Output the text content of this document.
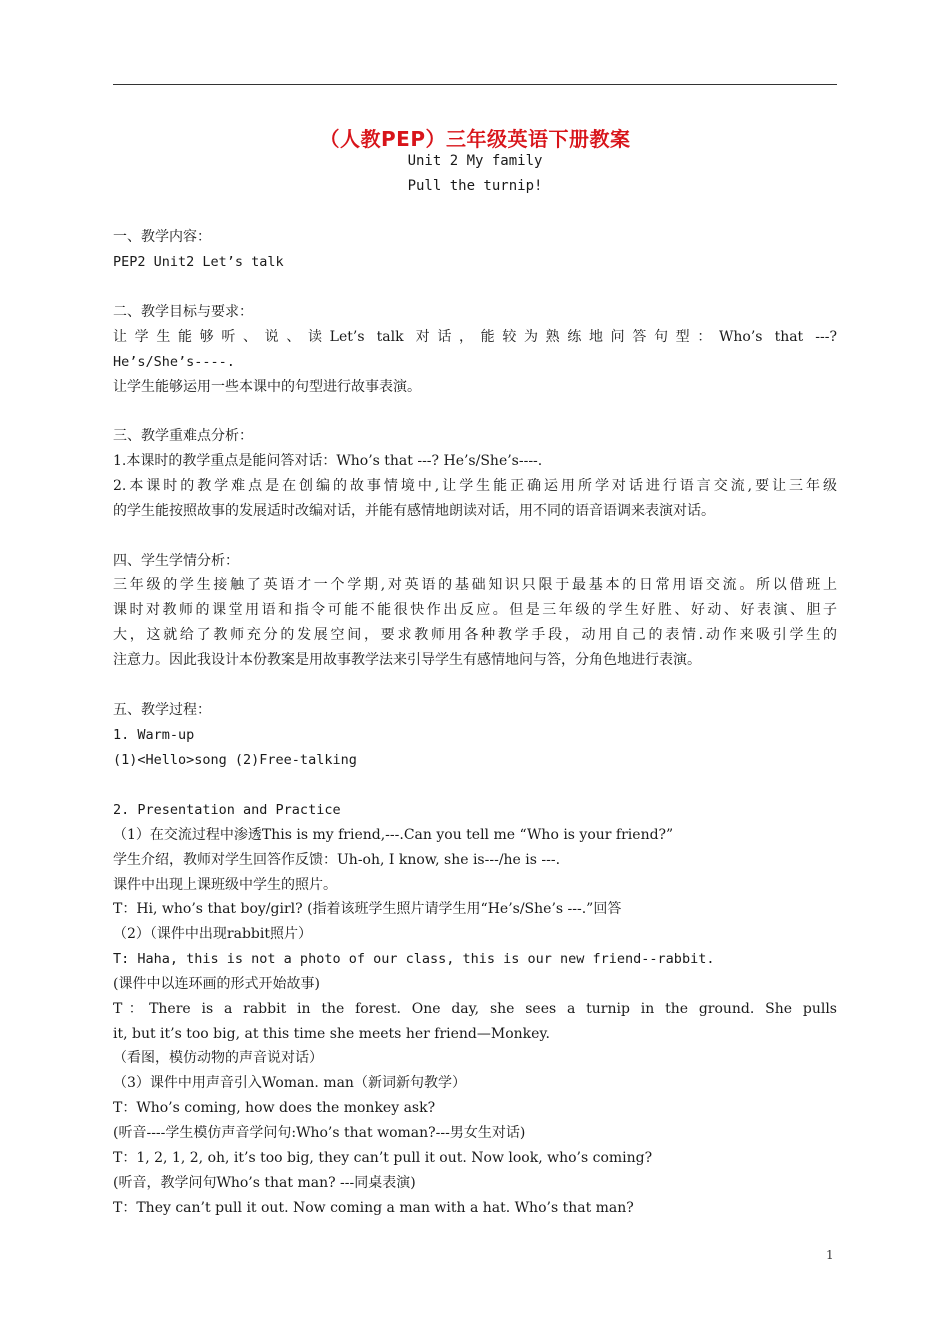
（人教PEP）三年级英语下册教案
Unit 2 My family
Pull the turnip!
一、教学内容：
PEP2 Unit2 Let’s talk
二、教学目标与要求：
让学生能够听、说、读Let’s talk 对话，能较为熟练地问答句型：Who’s that ---?
He’s/She’s----.
让学生能够运用一些本课中的句型进行故事表演。
三、教学重难点分析：
1.本课时的教学重点是能问答对话：Who’s that ---? He’s/She’s----.
2.本课时的教学难点是在创编的故事情境中,让学生能正确运用所学对话进行语言交流,要让三年级
的学生能按照故事的发展适时改编对话，并能有感情地朗读对话，用不同的语音语调来表演对话。
四、学生学情分析：
三年级的学生接触了英语才一个学期,对英语的基础知识只限于最基本的日常用语交流。所以借班上
课时对教师的课堂用语和指令可能不能很快作出反应。但是三年级的学生好胜、好动、好表演、胆子
大，这就给了教师充分的发展空间，要求教师用各种教学手段，动用自己的表情.动作来吸引学生的
注意力。因此我设计本份教案是用故事教学法来引导学生有感情地问与答，分角色地进行表演。
五、教学过程：
1. Warm-up
(1)<Hello>song (2)Free-talking
2. Presentation and Practice
（1）在交流过程中渗透This is my friend,---.Can you tell me “Who is your friend?”
学生介绍，教师对学生回答作反馈：Uh-oh, I know, she is---/he is ---.
课件中出现上课班级中学生的照片。
T：Hi, who’s that boy/girl? (指着该班学生照片请学生用“He’s/She’s ---.”回答
（2）（课件中出现rabbit照片）
T: Haha, this is not a photo of our class, this is our new friend--rabbit.
(课件中以连环画的形式开始故事)
T：There is a rabbit in the forest. One day, she sees a turnip in the ground. She pulls
it, but it’s too big, at this time she meets her friend—Monkey.
（看图，模仿动物的声音说对话）
（3）课件中用声音引入Woman. man（新词新句教学）
T：Who’s coming, how does the monkey ask?
(听音----学生模仿声音学问句:Who’s that woman?---男女生对话)
T：1, 2, 1, 2, oh, it’s too big, they can’t pull it out. Now look, who’s coming?
(听音，教学问句Who’s that man? ---同桌表演)
T：They can’t pull it out. Now coming a man with a hat. Who’s that man?
1
